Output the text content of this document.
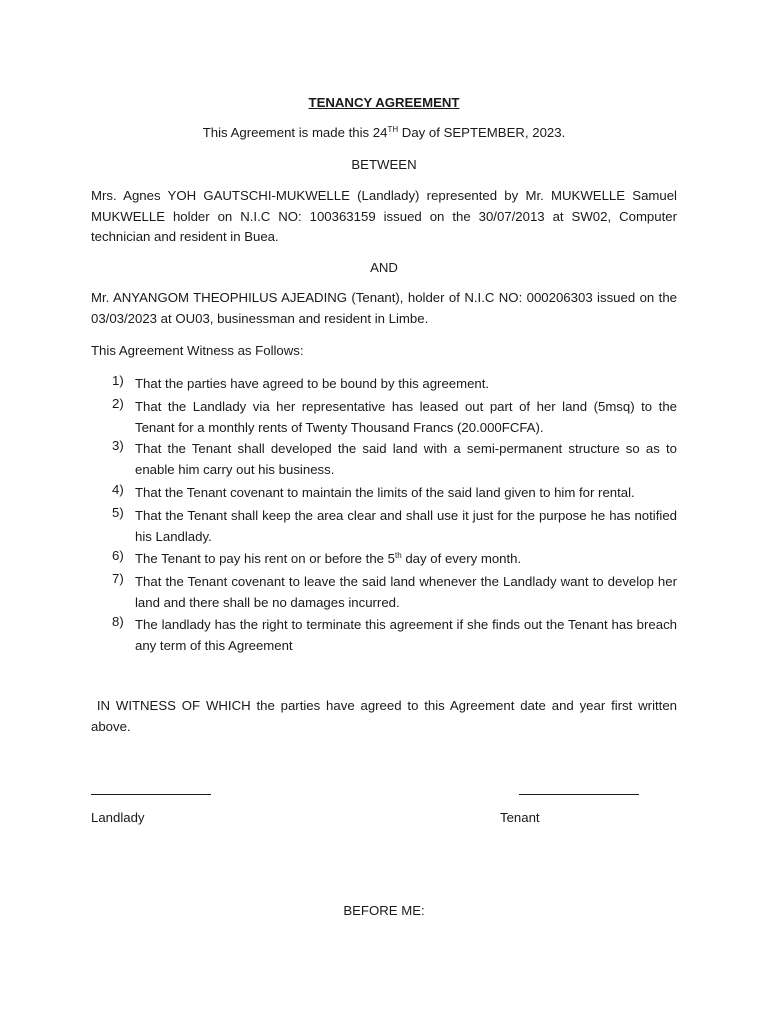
TENANCY AGREEMENT

This Agreement is made this 24TH Day of SEPTEMBER, 2023.

BETWEEN

Mrs. Agnes YOH GAUTSCHI-MUKWELLE (Landlady) represented by Mr. MUKWELLE Samuel MUKWELLE holder on N.I.C NO: 100363159 issued on the 30/07/2013 at SW02, Computer technician and resident in Buea.

AND

Mr. ANYANGOM THEOPHILUS AJEADING (Tenant), holder of N.I.C NO: 000206303 issued on the 03/03/2023 at OU03, businessman and resident in Limbe.

This Agreement Witness as Follows:

1) That the parties have agreed to be bound by this agreement.
2) That the Landlady via her representative has leased out part of her land (5msq) to the Tenant for a monthly rents of Twenty Thousand Francs (20.000FCFA).
3) That the Tenant shall developed the said land with a semi-permanent structure so as to enable him carry out his business.
4) That the Tenant covenant to maintain the limits of the said land given to him for rental.
5) That the Tenant shall keep the area clear and shall use it just for the purpose he has notified his Landlady.
6) The Tenant to pay his rent on or before the 5th day of every month.
7) That the Tenant covenant to leave the said land whenever the Landlady want to develop her land and there shall be no damages incurred.
8) The landlady has the right to terminate this agreement if she finds out the Tenant has breach any term of this Agreement

IN WITNESS OF WHICH the parties have agreed to this Agreement date and year first written above.

Landlady	Tenant

BEFORE ME:
